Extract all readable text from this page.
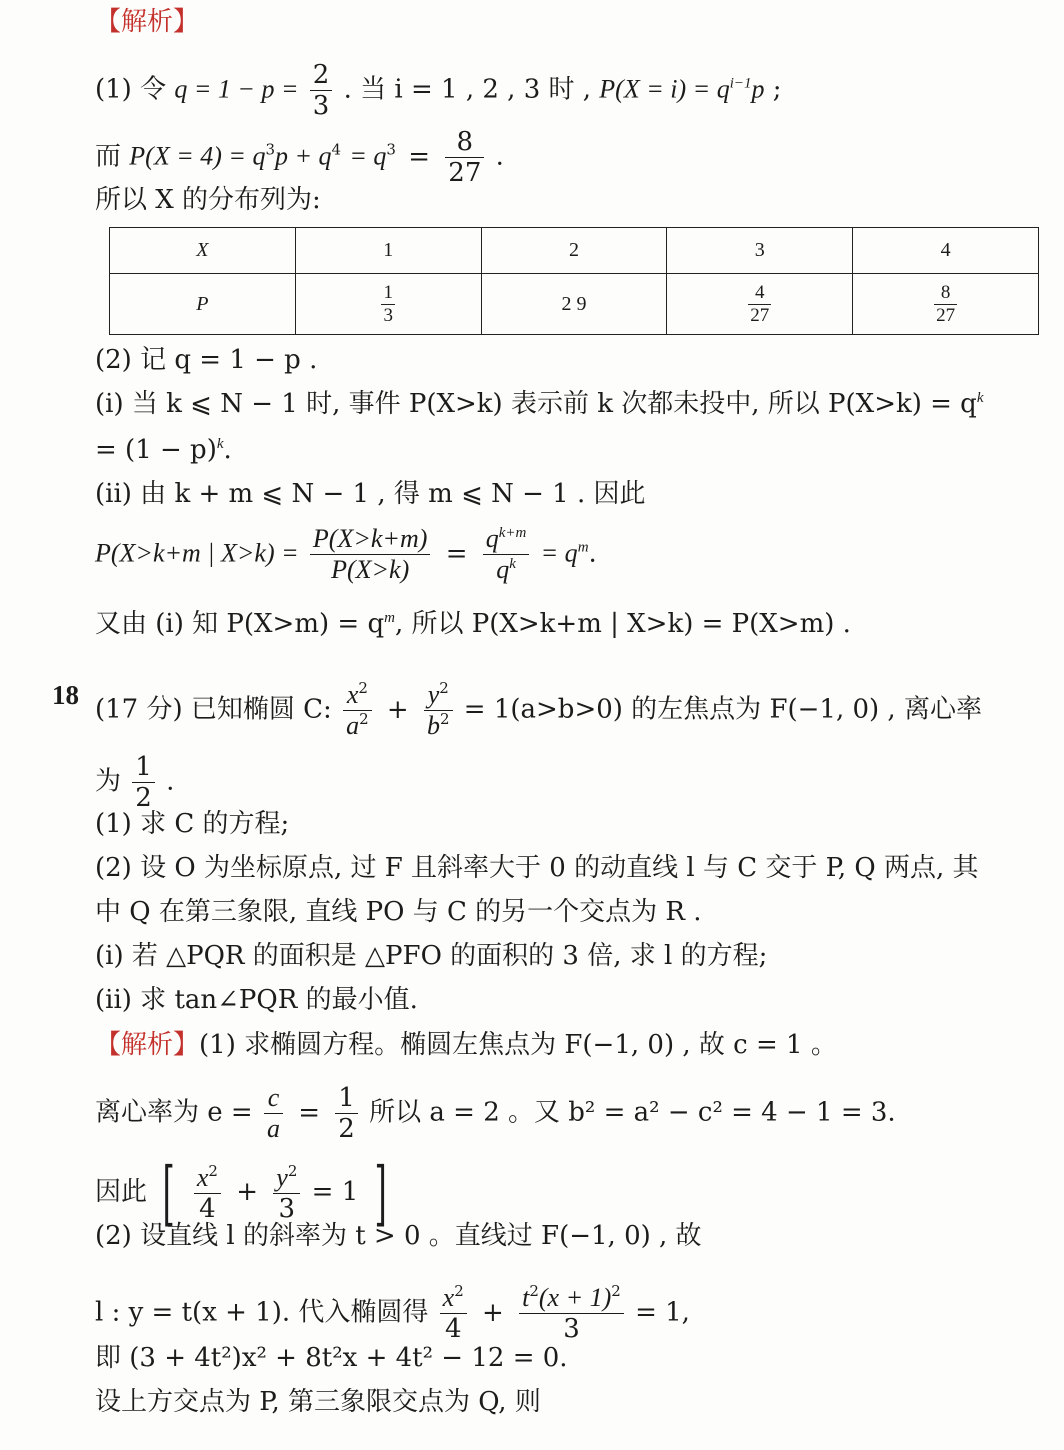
【解析】
(1) 令 $q = 1 - p = \frac{2}{3}$ . 当 i = 1 , 2 , 3 时 , $P(X = i) = q^{i-1}p$ ;
而 $P(X = 4) = q^3p + q^4 = q^3 = \frac{8}{27}$ .
所以 X 的分布列为:
X	1	2	3	4
P	$\frac{1}{3}$	2 9	$\frac{4}{27}$	$\frac{8}{27}$
(2) 记 q = 1 − p .
(i) 当 k ⩽ N − 1 时, 事件 P(X>k) 表示前 k 次都未投中, 所以 $P(X>k) = q^k$
= $(1 - p)^k$.
(ii) 由 k + m ⩽ N − 1 , 得 m ⩽ N − 1 . 因此
P(X>k+m | $X>k) = \frac{P(X>k+m)}{P(X>k)} = \frac{q^{k+m}}{q^k} = q^m$.
又由 (i) 知 $P(X>m) = q^m$, 所以 P(X>k+m | X>k) = P(X>m) .
18 (17 分) 已知椭圆 C: $\frac{x^2}{a^2} + \frac{y^2}{b^2} = 1(a>b>0)$ 的左焦点为 F(−1, 0) , 离心率
为 $\frac{1}{2}$ .
(1) 求 C 的方程;
(2) 设 O 为坐标原点, 过 F 且斜率大于 0 的动直线 l 与 C 交于 P, Q 两点, 其
中 Q 在第三象限, 直线 PO 与 C 的另一个交点为 R .
(i) 若 △PQR 的面积是 △PFO 的面积的 3 倍, 求 l 的方程;
(ii) 求 tan∠PQR 的最小值.
【解析】(1) 求椭圆方程。椭圆左焦点为 F(−1, 0) , 故 c = 1 。
离心率为 $e = \frac{c}{a} = \frac{1}{2}$ 所以 a = 2 。又 b² = a² − c² = 4 − 1 = 3.
因此 [ $\frac{x^2}{4} + \frac{y^2}{3} = 1$ ]
(2) 设直线 l 的斜率为 t > 0 。直线过 F(−1, 0) , 故
l : y = t(x + 1). 代入椭圆得 $\frac{x^2}{4} + \frac{t^2(x + 1)^2}{3} = 1$,
即 (3 + 4t²)x² + 8t²x + 4t² − 12 = 0.
设上方交点为 P, 第三象限交点为 Q, 则
